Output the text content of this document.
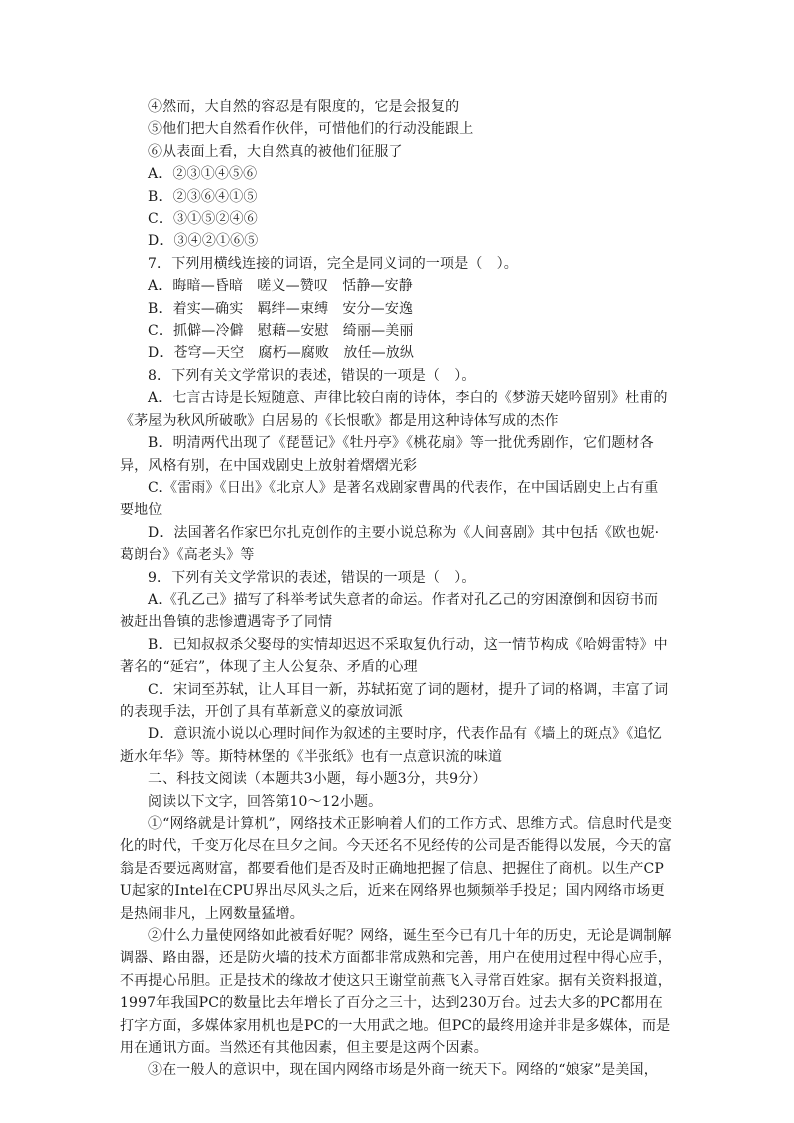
④然而，大自然的容忍是有限度的，它是会报复的

⑤他们把大自然看作伙伴，可惜他们的行动没能跟上

⑥从表面上看，大自然真的被他们征服了

A．②③①④⑤⑥

B．②③⑥④①⑤

C．③①⑤②④⑥

D．③④②①⑥⑤

7．下列用横线连接的词语，完全是同义词的一项是（　）。

A．晦暗—昏暗　嗟义—赞叹　恬静—安静

B．着实—确实　羁绊—束缚　安分—安逸

C．抓僻—冷僻　慰藉—安慰　绮丽—美丽

D．苍穹—天空　腐朽—腐败　放任—放纵

8．下列有关文学常识的表述，错误的一项是（　）。

A．七言古诗是长短随意、声律比较白南的诗体，李白的《梦游天姥吟留别》杜甫的《茅屋为秋风所破歌》白居易的《长恨歌》都是用这种诗体写成的杰作

B．明清两代出现了《琵琶记》《牡丹亭》《桃花扇》等一批优秀剧作，它们题材各异，风格有别，在中国戏剧史上放射着熠熠光彩

C.《雷雨》《日出》《北京人》是著名戏剧家曹禺的代表作，在中国话剧史上占有重要地位

D．法国著名作家巴尔扎克创作的主要小说总称为《人间喜剧》其中包括《欧也妮·葛朗台》《高老头》等

9．下列有关文学常识的表述，错误的一项是（　）。

A.《孔乙己》描写了科举考试失意者的命运。作者对孔乙己的穷困潦倒和因窃书而被赶出鲁镇的悲惨遭遇寄予了同情

B．已知叔叔杀父娶母的实情却迟迟不采取复仇行动，这一情节构成《哈姆雷特》中著名的“延宕”，体现了主人公复杂、矛盾的心理

C．宋词至苏轼，让人耳目一新，苏轼拓宽了词的题材，提升了词的格调，丰富了词的表现手法，开创了具有革新意义的豪放词派

D．意识流小说以心理时间作为叙述的主要时序，代表作品有《墙上的斑点》《追忆逝水年华》等。斯特林堡的《半张纸》也有一点意识流的味道

二、科技文阅读（本题共3小题，每小题3分，共9分）

阅读以下文字，回答第10～12小题。

①“网络就是计算机”，网络技术正影响着人们的工作方式、思维方式。信息时代是变化的时代，千变万化尽在旦夕之间。今天还名不见经传的公司是否能得以发展，今天的富翁是否要远离财富，都要看他们是否及时正确地把握了信息、把握住了商机。以生产CPU起家的Intel在CPU界出尽风头之后，近来在网络界也频频举手投足；国内网络市场更是热闹非凡，上网数量猛增。

②什么力量使网络如此被看好呢？网络，诞生至今已有几十年的历史，无论是调制解调器、路由器，还是防火墙的技术方面都非常成熟和完善，用户在使用过程中得心应手，不再提心吊胆。正是技术的缘故才使这只王谢堂前燕飞入寻常百姓家。据有关资料报道，1997年我国PC的数量比去年增长了百分之三十，达到230万台。过去大多的PC都用在打字方面，多媒体家用机也是PC的一大用武之地。但PC的最终用途并非是多媒体，而是用在通讯方面。当然还有其他因素，但主要是这两个因素。

③在一般人的意识中，现在国内网络市场是外商一统天下。网络的“娘家”是美国，
